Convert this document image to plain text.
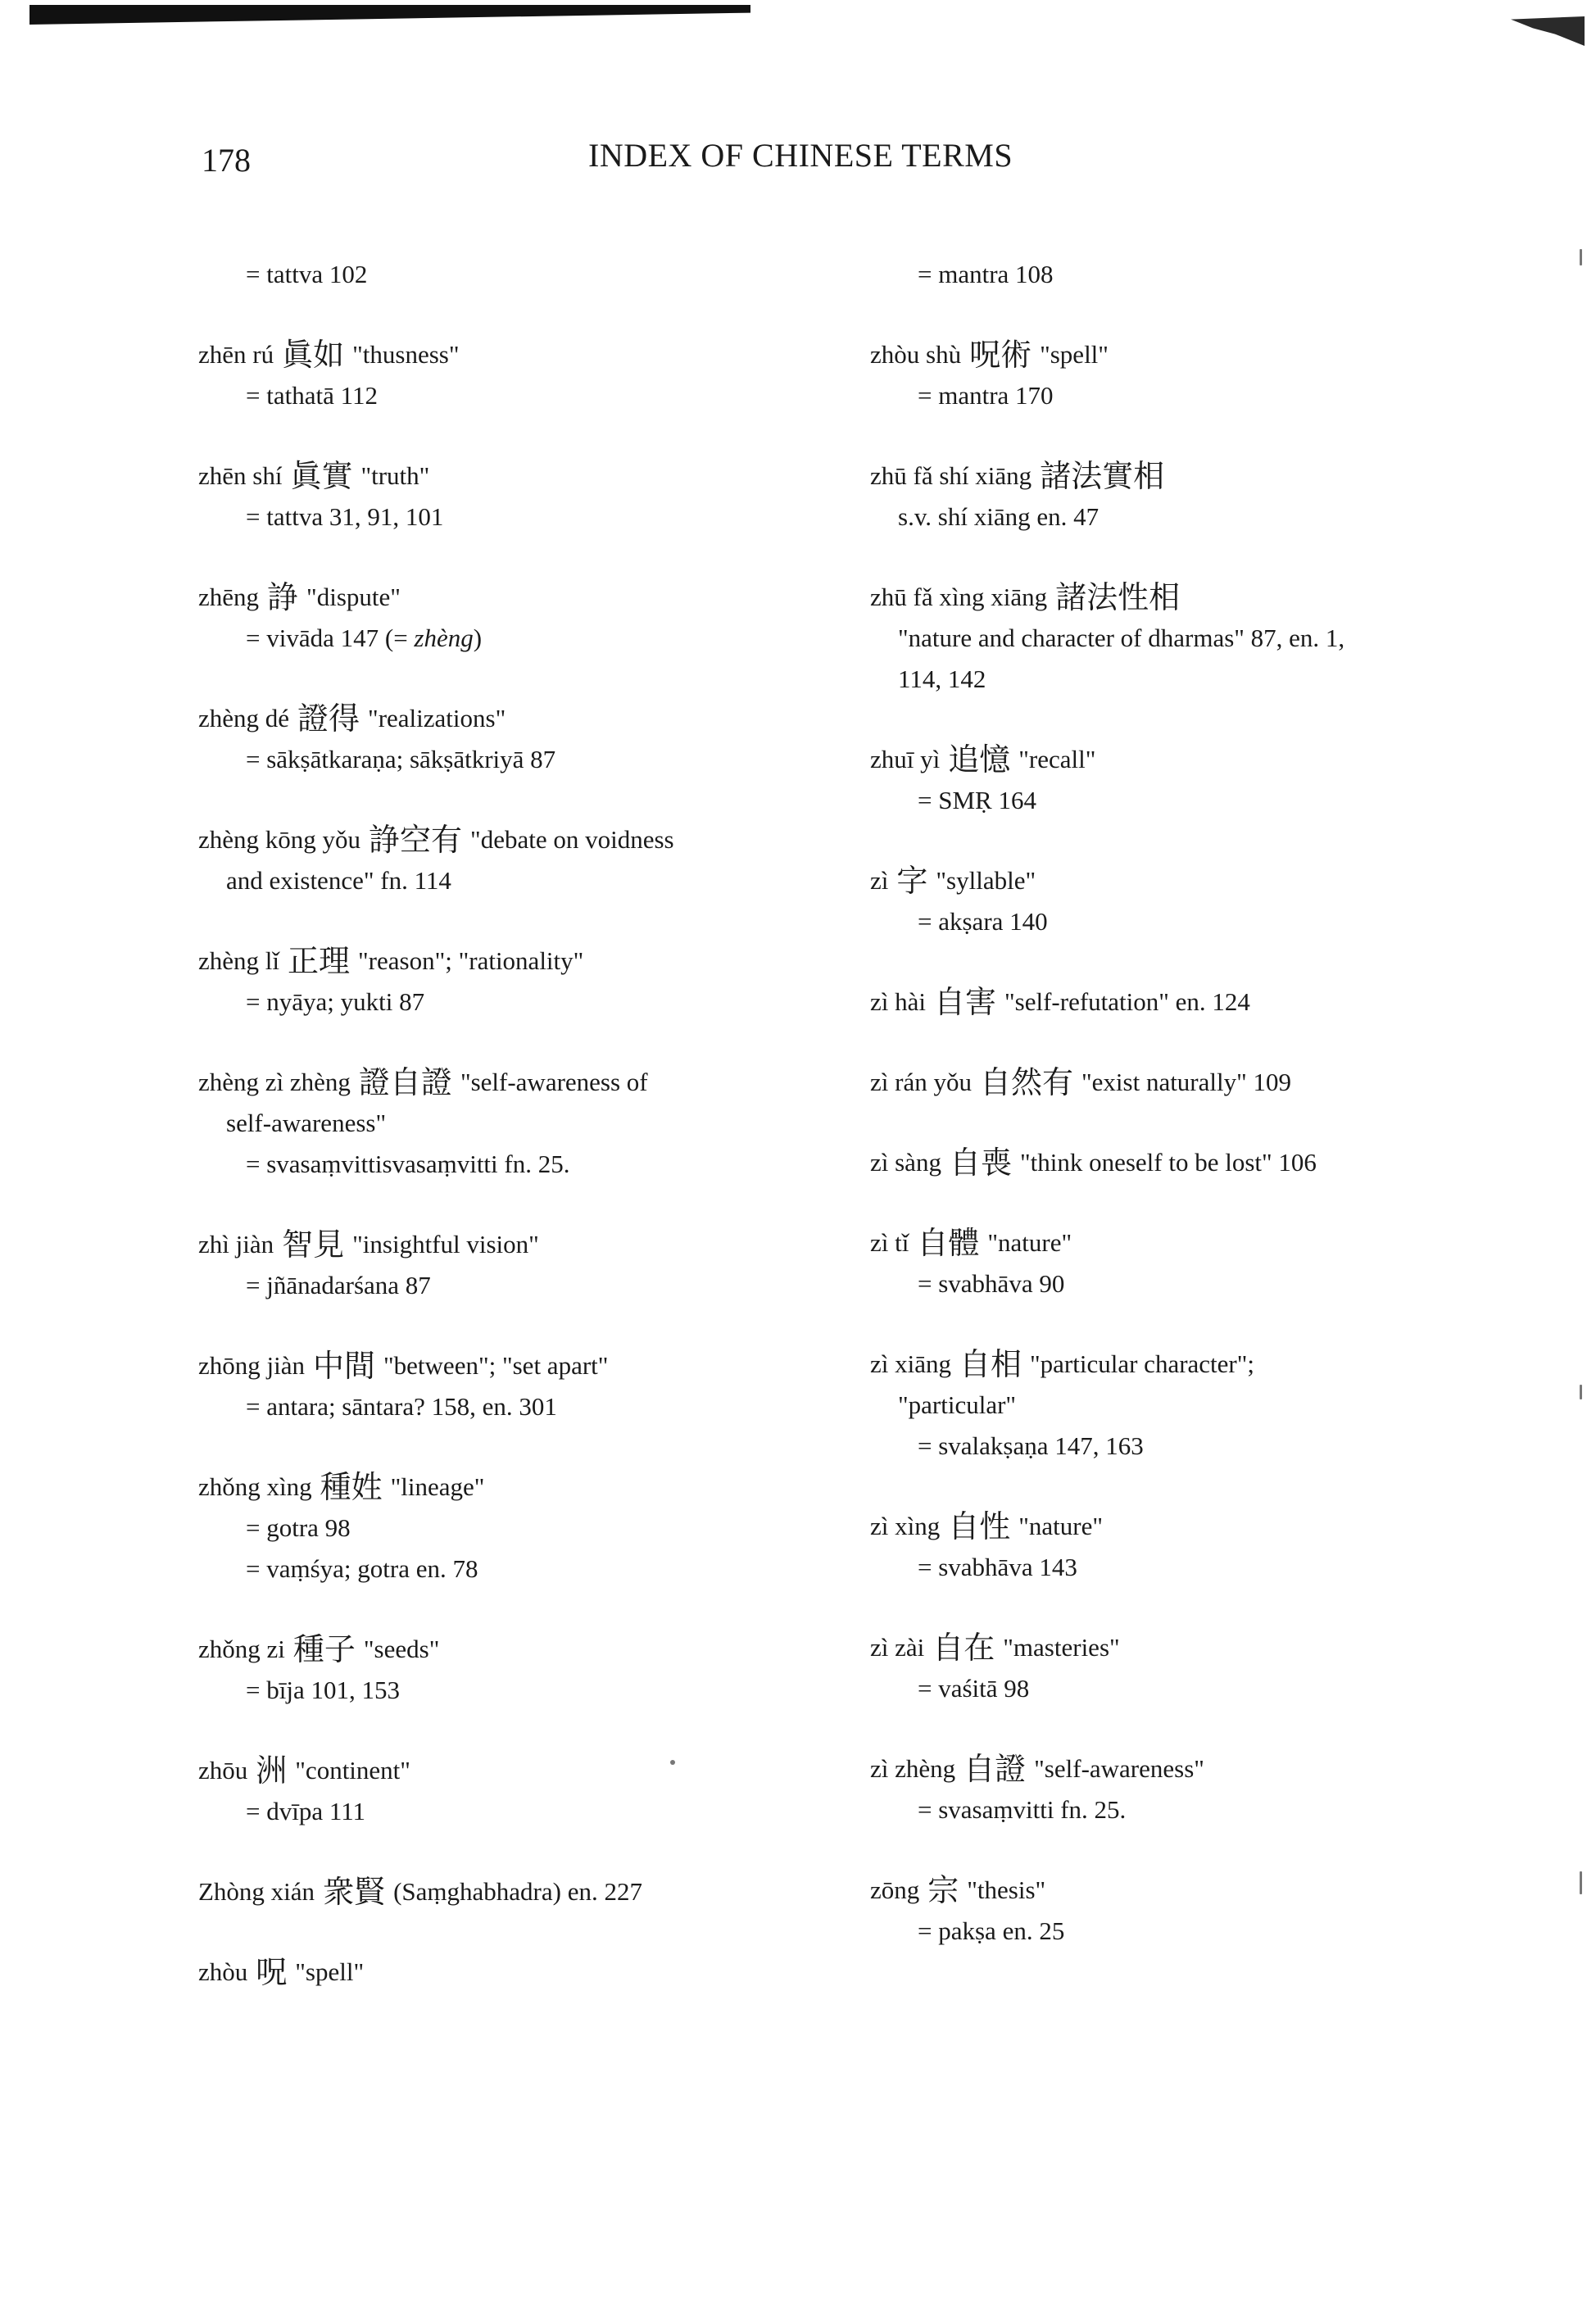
178	INDEX OF CHINESE TERMS
= tattva 102
zhēn rú 眞如 "thusness"
= tathatā 112
zhēn shí 眞實 "truth"
= tattva 31, 91, 101
zhēng 諍 "dispute"
= vivāda 147 (= zhèng)
zhèng dé 證得 "realizations"
= sākṣātkaraṇa; sākṣātkriyā 87
zhèng kōng yǒu 諍空有 "debate on voidness
and existence" fn. 114
zhèng lǐ 正理 "reason"; "rationality"
= nyāya; yukti 87
zhèng zì zhèng 證自證 "self-awareness of
self-awareness"
= svasaṃvittisvasaṃvitti fn. 25.
zhì jiàn 智見 "insightful vision"
= jñānadarśana 87
zhōng jiàn 中間 "between"; "set apart"
= antara; sāntara? 158, en. 301
zhǒng xìng 種姓 "lineage"
= gotra 98
= vaṃśya; gotra en. 78
zhǒng zi 種子 "seeds"
= bīja 101, 153
zhōu 洲 "continent"
= dvīpa 111
Zhòng xián 衆賢 (Saṃghabhadra) en. 227
zhòu 呪 "spell"
= mantra 108
zhòu shù 呪術 "spell"
= mantra 170
zhū fǎ shí xiāng 諸法實相
s.v. shí xiāng en. 47
zhū fǎ xìng xiāng 諸法性相
"nature and character of dharmas" 87, en. 1,
114, 142
zhuī yì 追憶 "recall"
= SMṚ 164
zì 字 "syllable"
= akṣara 140
zì hài 自害 "self-refutation" en. 124
zì rán yǒu 自然有 "exist naturally" 109
zì sàng 自喪 "think oneself to be lost" 106
zì tǐ 自體 "nature"
= svabhāva 90
zì xiāng 自相 "particular character";
"particular"
= svalakṣaṇa 147, 163
zì xìng 自性 "nature"
= svabhāva 143
zì zài 自在 "masteries"
= vaśitā 98
zì zhèng 自證 "self-awareness"
= svasaṃvitti fn. 25.
zōng 宗 "thesis"
= pakṣa en. 25
